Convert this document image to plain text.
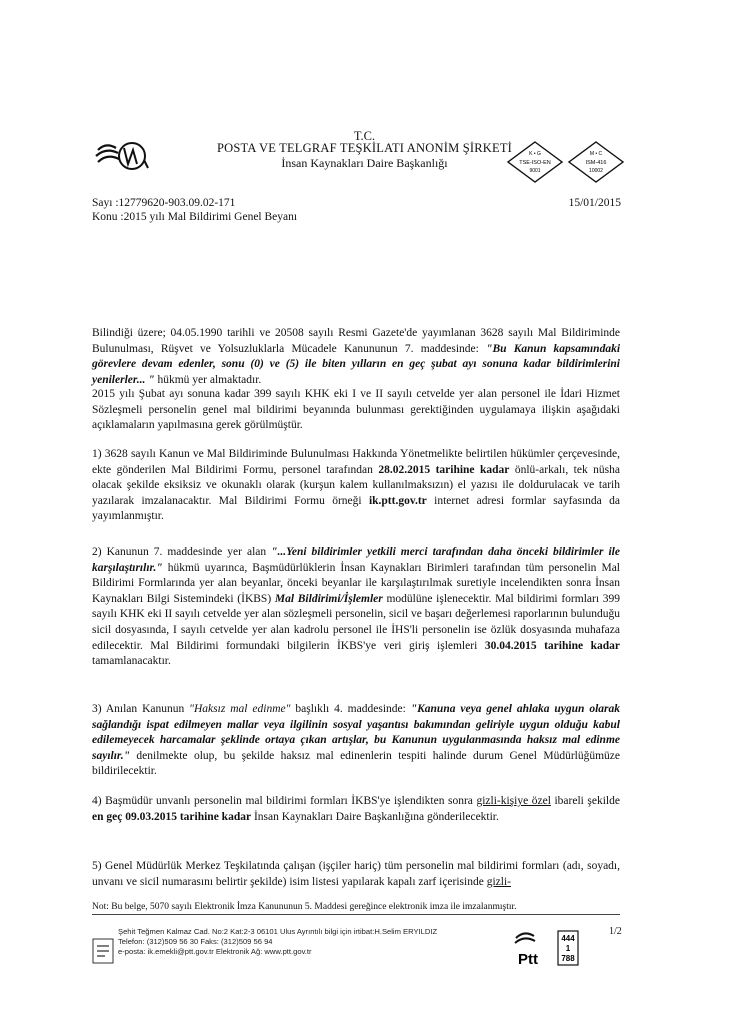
T.C.
POSTA VE TELGRAF TEŞKİLATI ANONİM ŞİRKETİ
İnsan Kaynakları Daire Başkanlığı
K • G
TSE-ISO-EN
9001
M • C
ISM-416
10002
Sayı :12779620-903.09.02-171
Konu :2015 yılı Mal Bildirimi Genel Beyanı
15/01/2015

Bilindiği üzere; 04.05.1990 tarihli ve 20508 sayılı Resmi Gazete'de yayımlanan 3628 sayılı Mal Bildiriminde Bulunulması, Rüşvet ve Yolsuzluklarla Mücadele Kanununun 7. maddesinde: "Bu Kanun kapsamındaki görevlere devam edenler, sonu (0) ve (5) ile biten yılların en geç şubat ayı sonuna kadar bildirimlerini yenilerler... " hükmü yer almaktadır.

2015 yılı Şubat ayı sonuna kadar 399 sayılı KHK eki I ve II sayılı cetvelde yer alan personel ile İdari Hizmet Sözleşmeli personelin genel mal bildirimi beyanında bulunması gerektiğinden uygulamaya ilişkin aşağıdaki açıklamaların yapılmasına gerek görülmüştür.

1) 3628 sayılı Kanun ve Mal Bildiriminde Bulunulması Hakkında Yönetmelikte belirtilen hükümler çerçevesinde, ekte gönderilen Mal Bildirimi Formu, personel tarafından 28.02.2015 tarihine kadar önlü-arkalı, tek nüsha olacak şekilde eksiksiz ve okunaklı olarak (kurşun kalem kullanılmaksızın) el yazısı ile doldurulacak ve tarih yazılarak imzalanacaktır. Mal Bildirimi Formu örneği ik.ptt.gov.tr internet adresi formlar sayfasında da yayımlanmıştır.

2) Kanunun 7. maddesinde yer alan "...Yeni bildirimler yetkili merci tarafından daha önceki bildirimler ile karşılaştırılır." hükmü uyarınca, Başmüdürlüklerin İnsan Kaynakları Birimleri tarafından tüm personelin Mal Bildirimi Formlarında yer alan beyanlar, önceki beyanlar ile karşılaştırılmak suretiyle incelendikten sonra İnsan Kaynakları Bilgi Sistemindeki (İKBS) Mal Bildirimi/İşlemler modülüne işlenecektir. Mal bildirimi formları 399 sayılı KHK eki II sayılı cetvelde yer alan sözleşmeli personelin, sicil ve başarı değerlemesi raporlarının bulunduğu sicil dosyasında, I sayılı cetvelde yer alan kadrolu personel ile İHS'li personelin ise özlük dosyasında muhafaza edilecektir. Mal Bildirimi formundaki bilgilerin İKBS'ye veri giriş işlemleri 30.04.2015 tarihine kadar tamamlanacaktır.

3) Anılan Kanunun "Haksız mal edinme" başlıklı 4. maddesinde: "Kanuna veya genel ahlaka uygun olarak sağlandığı ispat edilmeyen mallar veya ilgilinin sosyal yaşantısı bakımından geliriyle uygun olduğu kabul edilemeyecek harcamalar şeklinde ortaya çıkan artışlar, bu Kanunun uygulanmasında haksız mal edinme sayılır." denilmekte olup, bu şekilde haksız mal edinenlerin tespiti halinde durum Genel Müdürlüğümüze bildirilecektir.

4) Başmüdür unvanlı personelin mal bildirimi formları İKBS'ye işlendikten sonra gizli-kişiye özel ibareli şekilde en geç 09.03.2015 tarihine kadar İnsan Kaynakları Daire Başkanlığına gönderilecektir.

5) Genel Müdürlük Merkez Teşkilatında çalışan (işçiler hariç) tüm personelin mal bildirimi formları (adı, soyadı, unvanı ve sicil numarasını belirtir şekilde) isim listesi yapılarak kapalı zarf içerisinde gizli-

Not: Bu belge, 5070 sayılı Elektronik İmza Kanununun 5. Maddesi gereğince elektronik imza ile imzalanmıştır.
Şehit Teğmen Kalmaz Cad. No:2 Kat:2-3 06101 Ulus Ayrıntılı bilgi için irtibat:H.Selim ERYILDIZ
Telefon: (312)509 56 30 Faks: (312)509 56 94
e-posta: ik.emekli@ptt.gov.tr Elektronik Ağ: www.ptt.gov.tr	Ptt
444
1
788
1/2
